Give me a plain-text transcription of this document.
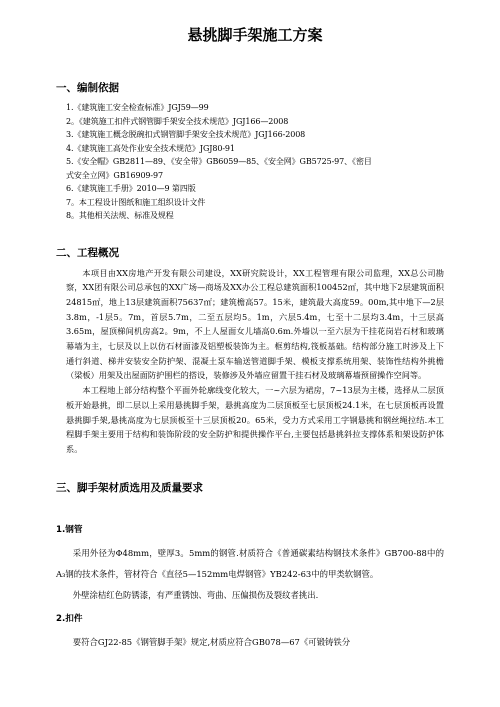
悬挑脚手架施工方案
一、编制依据
1.《建筑施工安全检查标准》JGJ59—99
2。《建筑施工扣件式钢管脚手架安全技术规范》JGJ166—2008
3.《建筑施工概念脱碗扣式钢管脚手架安全技术规范》JGJ166-2008
4.《建筑施工高处作业安全技术规范》JGJ80-91
5.《安全帽》GB2811—89、《安全带》GB6059—85、《安全网》GB5725-97、《密目
式安全立网》GB16909-97
6.《建筑施工手册》2010—9 第四版
7。本工程设计图纸和施工组织设计文件
8。其他相关法规、标准及规程
二、工程概况

本项目由XX房地产开发有限公司建设，XX研究院设计，XX工程管理有限公司监理，XX总公司勘察，XX团有限公司总承包的XX广场—商场及XX办公工程总建筑面积100452㎡，其中地下2层建筑面积24815㎡，地上13层建筑面积75637㎡；建筑檐高57。15米，建筑最大高度59。00m,其中地下—2层3.8m，-1层5。7m，首层5.7m，二至五层均5。1m，六层5.4m，七至十二层均3.4m，十三层高3.65m，屋顶梯间机房高2。9m，不上人屋面女儿墙高0.6m.外墙以一至六层为干挂花岗岩石材和玻璃幕墙为主，七层及以上以仿石材面漆及铝塑板装饰为主。框剪结构,筏板基础。结构部分施工时涉及上下通行斜道、梯井安装安全防护架、混凝土泵车输送管道脚手架、模板支撑系统用架、装饰性结构外挑檐（梁板）用架及出屋面防护围栏的搭设，装修涉及外墙应留置干挂石材及玻璃幕墙预留操作空间等。

本工程地上部分结构整个平面外轮廓线变化较大，一~六层为裙房，7~13层为主楼，选择从二层顶板开始悬挑，即二层以上采用悬挑脚手架，悬挑高度为二层顶板至七层顶板24.1米，在七层顶板再设置悬挑脚手架,悬挑高度为七层顶板至十三层顶板20。65米，受力方式采用工字钢悬挑和钢丝绳拉结.本工程脚手架主要用于结构和装饰阶段的安全防护和提供操作平台,主要包括悬挑斜拉支撑体系和架设防护体系。

三、脚手架材质选用及质量要求
1.钢管

采用外径为Φ48mm，壁厚3。5mm的钢管.材质符合《普通碳素结构钢技术条件》GB700-88中的A₃钢的技术条件，管材符合《直径5—152mm电焊钢管》YB242-63中的甲类软钢管。

外壁涂桔红色防锈漆，有严重锈蚀、弯曲、压偏损伤及裂纹者挑出.

2.扣件

要符合GJ22-85《钢管脚手架》规定,材质应符合GB078—67《可锻铸铁分
